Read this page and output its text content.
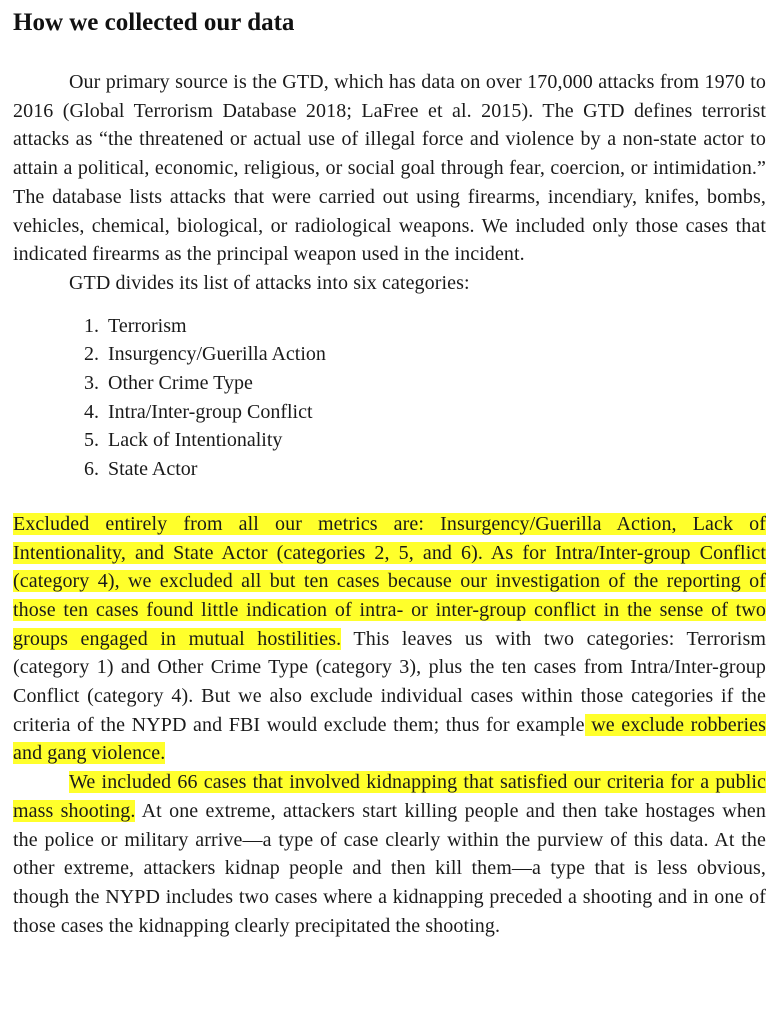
How we collected our data

Our primary source is the GTD, which has data on over 170,000 attacks from 1970 to 2016 (Global Terrorism Database 2018; LaFree et al. 2015). The GTD defines terrorist attacks as “the threatened or actual use of illegal force and violence by a non-state actor to attain a political, economic, religious, or social goal through fear, coercion, or intimidation.” The database lists attacks that were carried out using firearms, incendiary, knifes, bombs, vehicles, chemical, biological, or radiological weapons. We included only those cases that indicated firearms as the principal weapon used in the incident.

GTD divides its list of attacks into six categories:

1. Terrorism
2. Insurgency/Guerilla Action
3. Other Crime Type
4. Intra/Inter-group Conflict
5. Lack of Intentionality
6. State Actor

Excluded entirely from all our metrics are: Insurgency/Guerilla Action, Lack of Intentionality, and State Actor (categories 2, 5, and 6). As for Intra/Inter-group Conflict (category 4), we excluded all but ten cases because our investigation of the reporting of those ten cases found little indication of intra- or inter-group conflict in the sense of two groups engaged in mutual hostilities. This leaves us with two categories: Terrorism (category 1) and Other Crime Type (category 3), plus the ten cases from Intra/Inter-group Conflict (category 4). But we also exclude individual cases within those categories if the criteria of the NYPD and FBI would exclude them; thus for example we exclude robberies and gang violence.

We included 66 cases that involved kidnapping that satisfied our criteria for a public mass shooting. At one extreme, attackers start killing people and then take hostages when the police or military arrive—a type of case clearly within the purview of this data. At the other extreme, attackers kidnap people and then kill them—a type that is less obvious, though the NYPD includes two cases where a kidnapping preceded a shooting and in one of those cases the kidnapping clearly precipitated the shooting.
